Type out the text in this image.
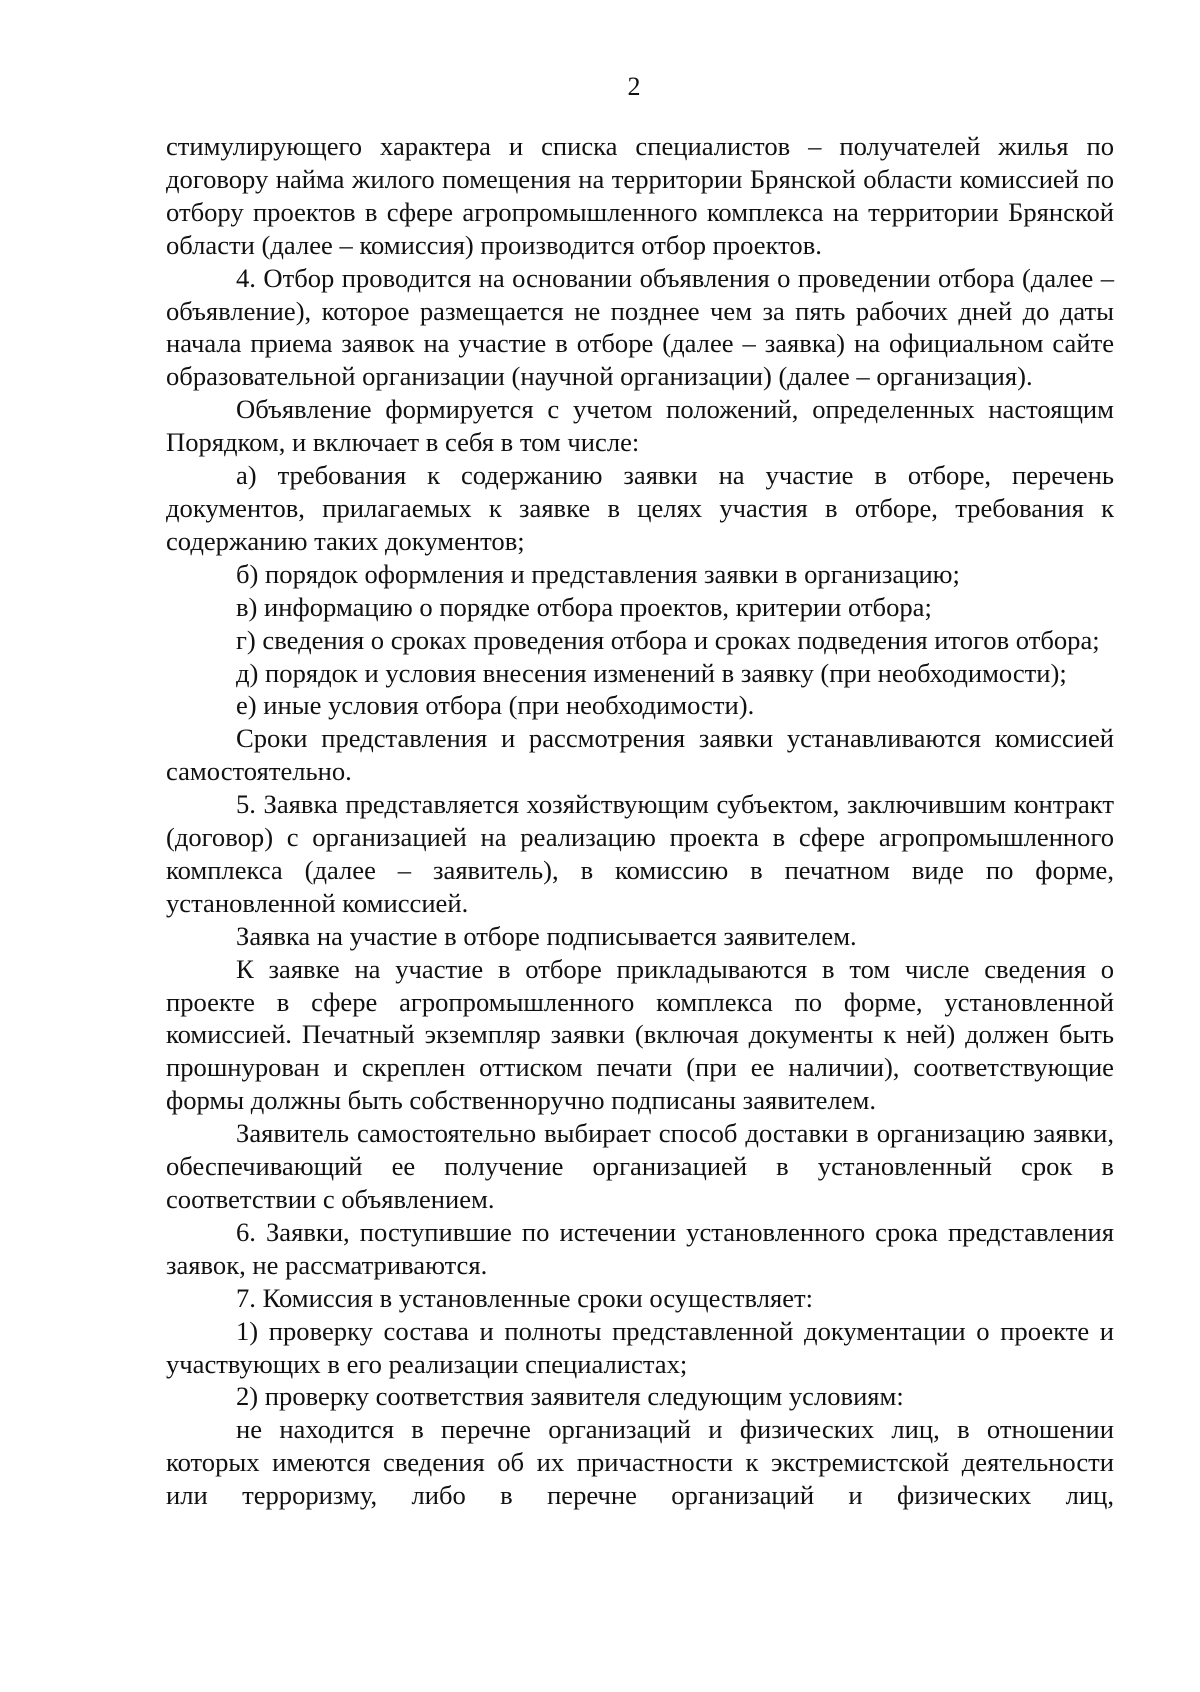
2

стимулирующего характера и списка специалистов – получателей жилья по договору найма жилого помещения на территории Брянской области комиссией по отбору проектов в сфере агропромышленного комплекса на территории Брянской области (далее – комиссия) производится отбор проектов.

4. Отбор проводится на основании объявления о проведении отбора (далее – объявление), которое размещается не позднее чем за пять рабочих дней до даты начала приема заявок на участие в отборе (далее – заявка) на официальном сайте образовательной организации (научной организации) (далее – организация).

Объявление формируется с учетом положений, определенных настоящим Порядком, и включает в себя в том числе:

а) требования к содержанию заявки на участие в отборе, перечень документов, прилагаемых к заявке в целях участия в отборе, требования к содержанию таких документов;

б) порядок оформления и представления заявки в организацию;

в) информацию о порядке отбора проектов, критерии отбора;

г) сведения о сроках проведения отбора и сроках подведения итогов отбора;

д) порядок и условия внесения изменений в заявку (при необходимости);

е) иные условия отбора (при необходимости).

Сроки представления и рассмотрения заявки устанавливаются комиссией самостоятельно.

5. Заявка представляется хозяйствующим субъектом, заключившим контракт (договор) с организацией на реализацию проекта в сфере агропромышленного комплекса (далее – заявитель), в комиссию в печатном виде по форме, установленной комиссией.

Заявка на участие в отборе подписывается заявителем.

К заявке на участие в отборе прикладываются в том числе сведения о проекте в сфере агропромышленного комплекса по форме, установленной комиссией. Печатный экземпляр заявки (включая документы к ней) должен быть прошнурован и скреплен оттиском печати (при ее наличии), соответствующие формы должны быть собственноручно подписаны заявителем.

Заявитель самостоятельно выбирает способ доставки в организацию заявки, обеспечивающий ее получение организацией в установленный срок в соответствии с объявлением.

6. Заявки, поступившие по истечении установленного срока представления заявок, не рассматриваются.

7. Комиссия в установленные сроки осуществляет:

1) проверку состава и полноты представленной документации о проекте и участвующих в его реализации специалистах;

2) проверку соответствия заявителя следующим условиям:

не находится в перечне организаций и физических лиц, в отношении которых имеются сведения об их причастности к экстремистской деятельности или терроризму, либо в перечне организаций и физических лиц,
